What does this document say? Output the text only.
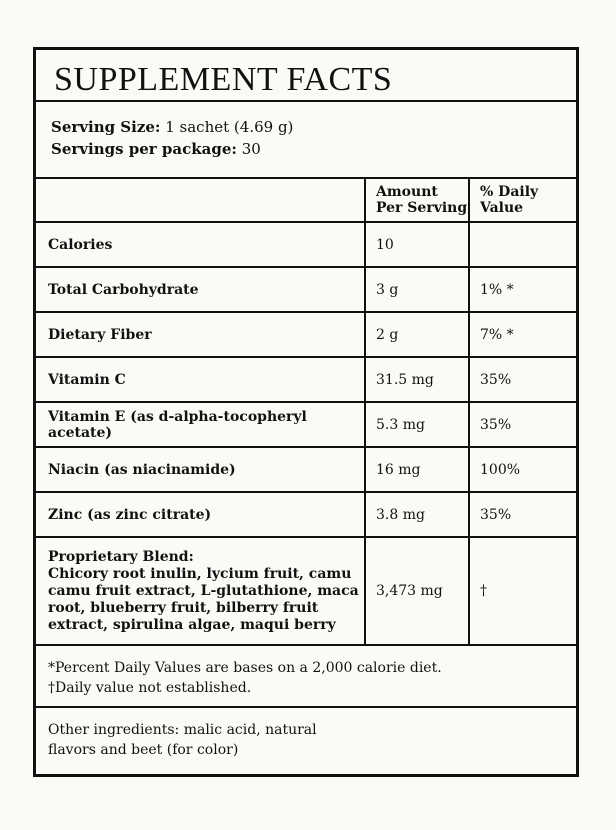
SUPPLEMENT FACTS
Serving Size: 1 sachet (4.69 g)
Servings per package: 30
	Amount Per Serving	% Daily Value
Calories	10	
Total Carbohydrate	3 g	1% *
Dietary Fiber	2 g	7% *
Vitamin C	31.5 mg	35%
Vitamin E (as d-alpha-tocopheryl acetate)	5.3 mg	35%
Niacin (as niacinamide)	16 mg	100%
Zinc (as zinc citrate)	3.8 mg	35%

Proprietary Blend:
Chicory root inulin, lycium fruit, camu camu fruit extract, L-glutathione, maca root, blueberry fruit, bilberry fruit extract, spirulina algae, maqui berry	3,473 mg	†
*Percent Daily Values are bases on a 2,000 calorie diet.
†Daily value not established.
Other ingredients: malic acid, natural flavors and beet (for color)
